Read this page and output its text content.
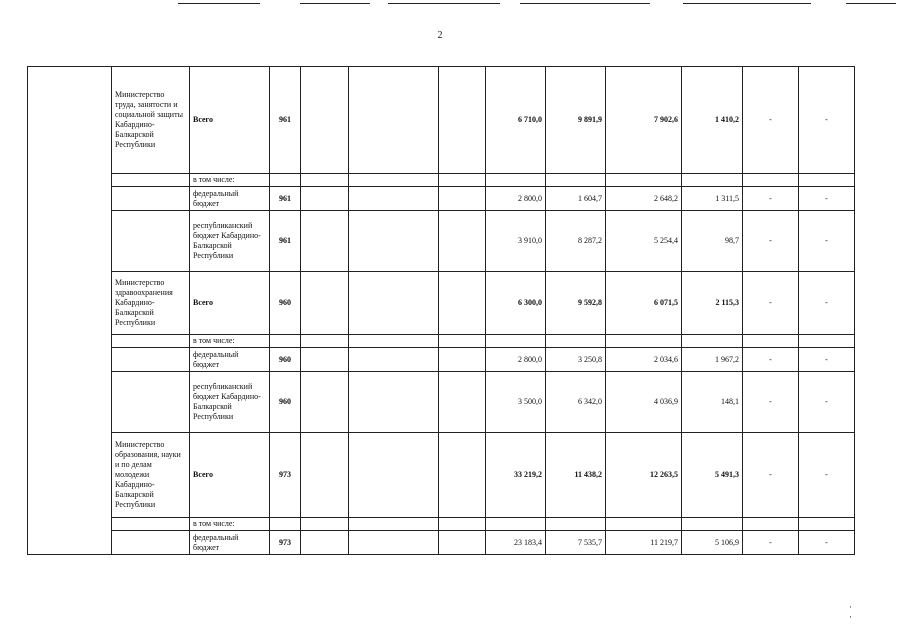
2
	Министерство труда, занятости и социальной защиты Кабардино-Балкарской Республики	Всего	961				6 710,0	9 891,9	7 902,6	1 410,2	-	-
		в том числе:										
		федеральный бюджет	961				2 800,0	1 604,7	2 648,2	1 311,5	-	-
		республиканский бюджет Кабардино-Балкарской Республики	961				3 910,0	8 287,2	5 254,4	98,7	-	-
	Министерство здравоохранения Кабардино-Балкарской Республики	Всего	960				6 300,0	9 592,8	6 071,5	2 115,3	-	-
		в том числе:										
		федеральный бюджет	960				2 800,0	3 250,8	2 034,6	1 967,2	-	-
		республиканский бюджет Кабардино-Балкарской Республики	960				3 500,0	6 342,0	4 036,9	148,1	-	-
	Министерство образования, науки и по делам молодежи Кабардино-Балкарской Республики	Всего	973				33 219,2	11 438,2	12 263,5	5 491,3	-	-
		в том числе:										
		федеральный бюджет	973				23 183,4	7 535,7	11 219,7	5 106,9	-	-
· ·
